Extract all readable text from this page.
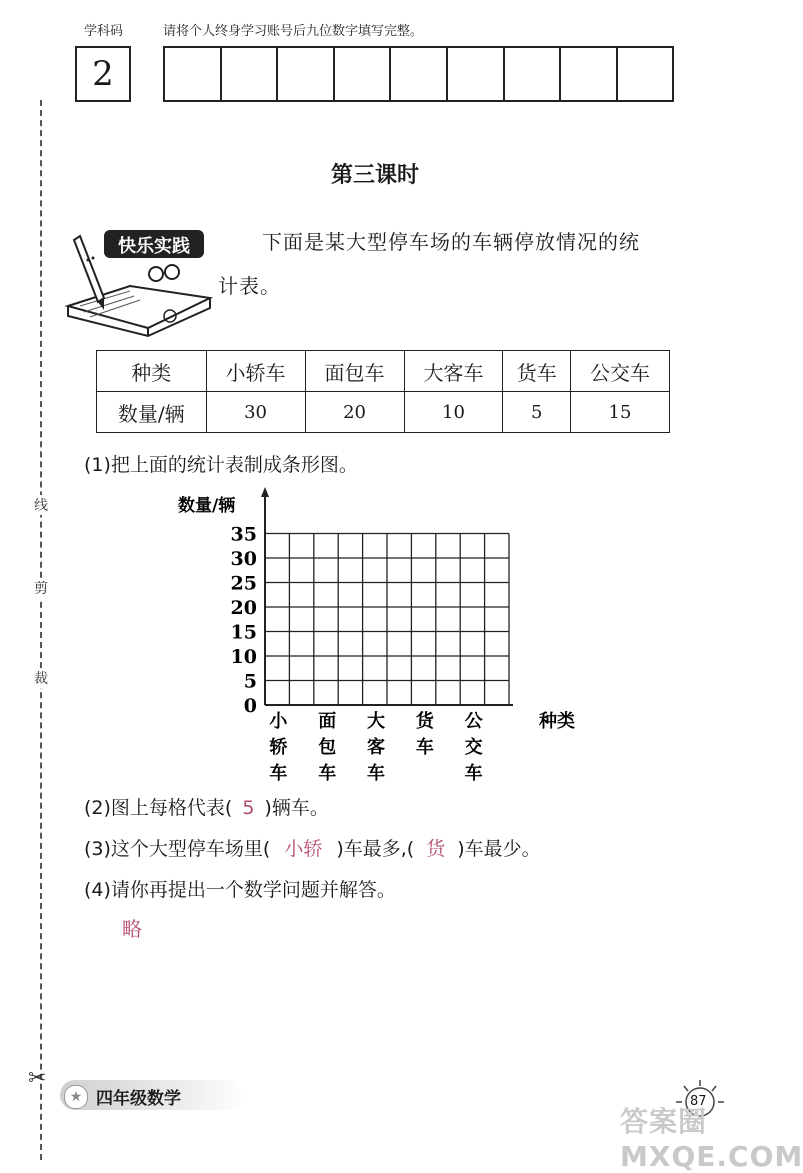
学科码	请将个人终身学习账号后九位数字填写完整。
2
线
剪
裁
✂
第三课时
快乐实践	下面是某大型停车场的车辆停放情况的统
计表。
种类	小轿车	面包车	大客车	货车	公交车
数量/辆	30	20	10	5	15
(1)把上面的统计表制成条形图。
数量/辆
0
5
10
15
20
25
30
35
小
轿
车
面
包
车
大
客
车
货
车
公
交
车
种类
(2)图上每格代表( 5 )辆车。
(3)这个大型停车场里( 小轿 )车最多,( 货 )车最少。
(4)请你再提出一个数学问题并解答。
略
★ 四年级数学	87
答案圈 MXQE.COM
